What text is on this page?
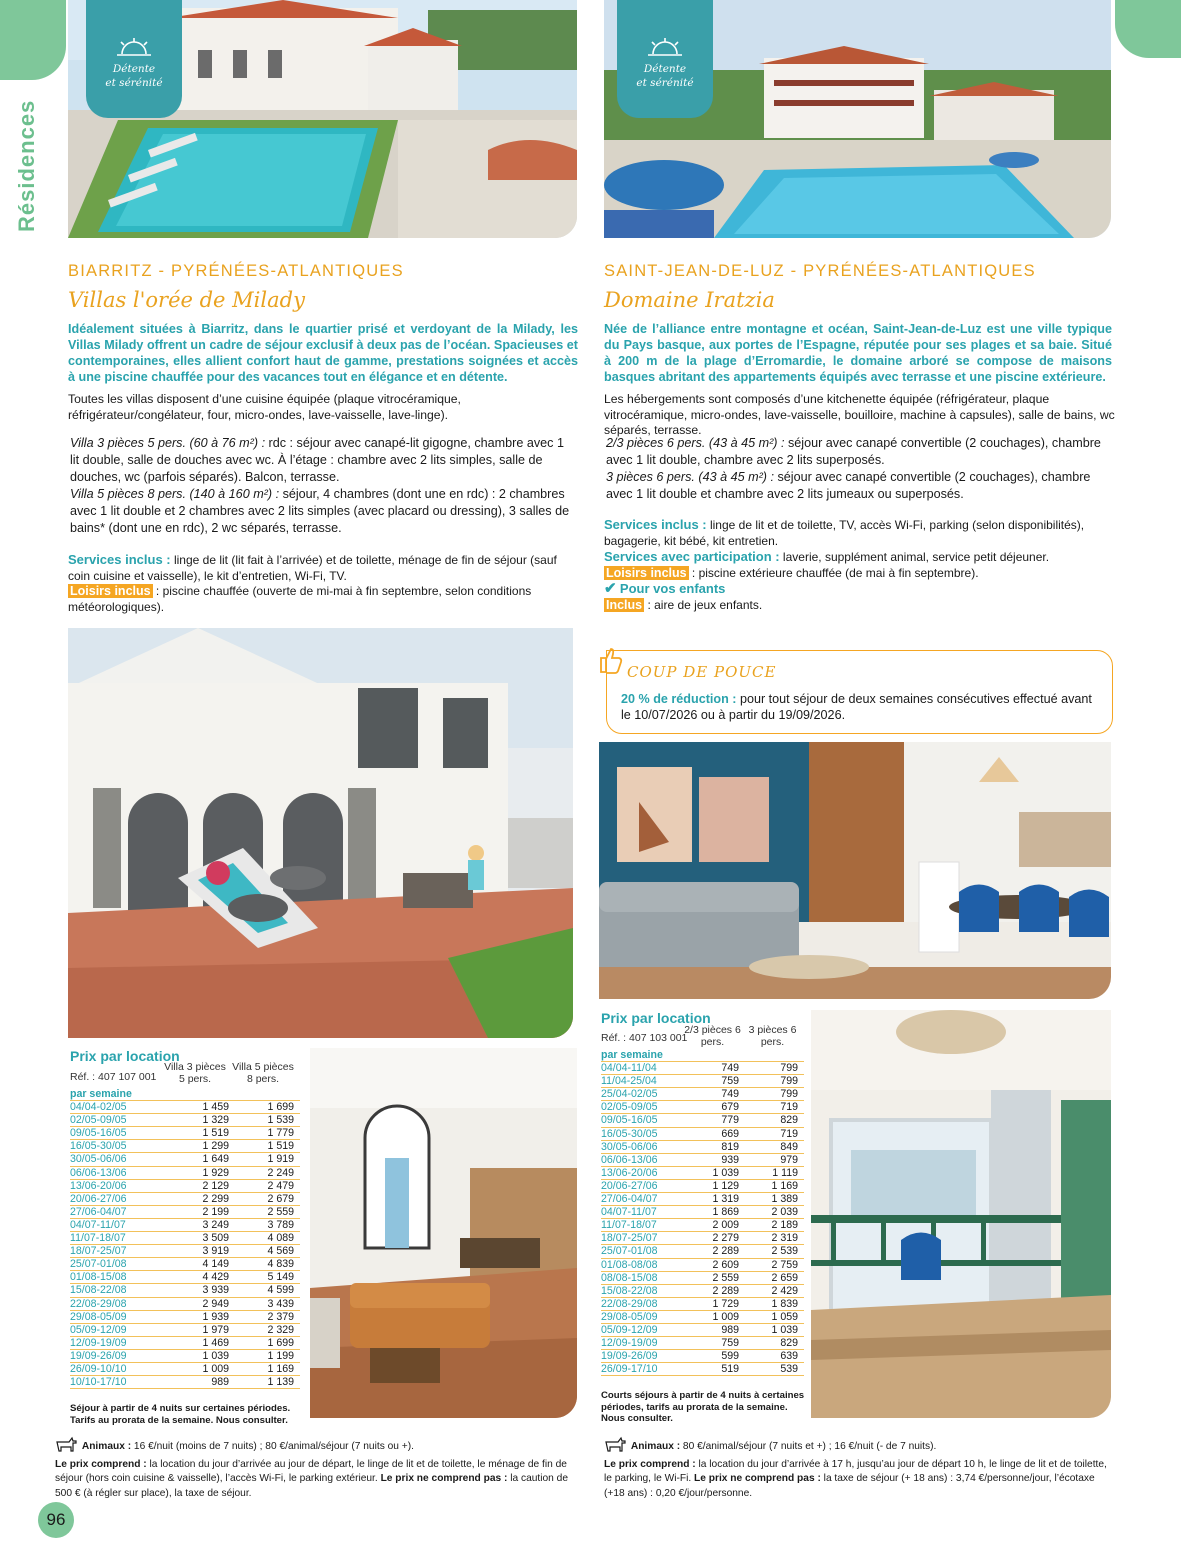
Résidences
Détente
et sérénité
BIARRITZ - PYRÉNÉES-ATLANTIQUES
Villas l'orée de Milady
Idéalement situées à Biarritz, dans le quartier prisé et verdoyant de la Milady, les Villas Milady offrent un cadre de séjour exclusif à deux pas de l’océan. Spacieuses et contemporaines, elles allient confort haut de gamme, prestations soignées et accès à une piscine chauffée pour des vacances tout en élégance et en détente.
Toutes les villas disposent d’une cuisine équipée (plaque vitrocéramique, réfrigérateur/congélateur, four, micro-ondes, lave-vaisselle, lave-linge).
Villa 3 pièces 5 pers. (60 à 76 m²) : rdc : séjour avec canapé-lit gigogne, chambre avec 1 lit double, salle de douches avec wc. À l’étage : chambre avec 2 lits simples, salle de douches, wc (parfois séparés). Balcon, terrasse.
Villa 5 pièces 8 pers. (140 à 160 m²) : séjour, 4 chambres (dont une en rdc) : 2 chambres avec 1 lit double et 2 chambres avec 2 lits simples (avec placard ou dressing), 3 salles de bains* (dont une en rdc), 2 wc séparés, terrasse.
Services inclus : linge de lit (lit fait à l’arrivée) et de toilette, ménage de fin de séjour (sauf coin cuisine et vaisselle), le kit d’entretien, Wi-Fi, TV.
Loisirs inclus : piscine chauffée (ouverte de mi-mai à fin septembre, selon conditions météorologiques).
Prix par location
Réf. : 407 107 001
Villa 3 pièces 5 pers.
Villa 5 pièces 8 pers.
par semaine		
04/04-02/05	1 459	1 699
02/05-09/05	1 329	1 539
09/05-16/05	1 519	1 779
16/05-30/05	1 299	1 519
30/05-06/06	1 649	1 919
06/06-13/06	1 929	2 249
13/06-20/06	2 129	2 479
20/06-27/06	2 299	2 679
27/06-04/07	2 199	2 559
04/07-11/07	3 249	3 789
11/07-18/07	3 509	4 089
18/07-25/07	3 919	4 569
25/07-01/08	4 149	4 839
01/08-15/08	4 429	5 149
15/08-22/08	3 939	4 599
22/08-29/08	2 949	3 439
29/08-05/09	1 939	2 379
05/09-12/09	1 979	2 329
12/09-19/09	1 469	1 699
19/09-26/09	1 039	1 199
26/09-10/10	1 009	1 169
10/10-17/10	989	1 139
Séjour à partir de 4 nuits sur certaines périodes. Tarifs au prorata de la semaine. Nous consulter.
Animaux : 16 €/nuit (moins de 7 nuits) ; 80 €/animal/séjour (7 nuits ou +).
Le prix comprend : la location du jour d’arrivée au jour de départ, le linge de lit et de toilette, le ménage de fin de séjour (hors coin cuisine & vaisselle), l’accès Wi-Fi, le parking extérieur. Le prix ne comprend pas : la caution de 500 € (à régler sur place), la taxe de séjour.
96
Détente
et sérénité
SAINT-JEAN-DE-LUZ - PYRÉNÉES-ATLANTIQUES
Domaine Iratzia
Née de l’alliance entre montagne et océan, Saint-Jean-de-Luz est une ville typique du Pays basque, aux portes de l’Espagne, réputée pour ses plages et sa baie. Situé à 200 m de la plage d’Erromardie, le domaine arboré se compose de maisons basques abritant des appartements équipés avec terrasse et une piscine extérieure.
Les hébergements sont composés d’une kitchenette équipée (réfrigérateur, plaque vitrocéramique, micro-ondes, lave-vaisselle, bouilloire, machine à capsules), salle de bains, wc séparés, terrasse.
2/3 pièces 6 pers. (43 à 45 m²) : séjour avec canapé convertible (2 couchages), chambre avec 1 lit double, chambre avec 2 lits superposés.
3 pièces 6 pers. (43 à 45 m²) : séjour avec canapé convertible (2 couchages), chambre avec 1 lit double et chambre avec 2 lits jumeaux ou superposés.
Services inclus : linge de lit et de toilette, TV, accès Wi-Fi, parking (selon disponibilités), bagagerie, kit bébé, kit entretien.
Services avec participation : laverie, supplément animal, service petit déjeuner.
Loisirs inclus : piscine extérieure chauffée (de mai à fin septembre).
✔ Pour vos enfants
Inclus : aire de jeux enfants.
COUP DE POUCE
20 % de réduction : pour tout séjour de deux semaines consécutives effectué avant le 10/07/2026 ou à partir du 19/09/2026.
Prix par location
Réf. : 407 103 001
2/3 pièces 6 pers.
3 pièces 6 pers.
par semaine		
04/04-11/04	749	799
11/04-25/04	759	799
25/04-02/05	749	799
02/05-09/05	679	719
09/05-16/05	779	829
16/05-30/05	669	719
30/05-06/06	819	849
06/06-13/06	939	979
13/06-20/06	1 039	1 119
20/06-27/06	1 129	1 169
27/06-04/07	1 319	1 389
04/07-11/07	1 869	2 039
11/07-18/07	2 009	2 189
18/07-25/07	2 279	2 319
25/07-01/08	2 289	2 539
01/08-08/08	2 609	2 759
08/08-15/08	2 559	2 659
15/08-22/08	2 289	2 429
22/08-29/08	1 729	1 839
29/08-05/09	1 009	1 059
05/09-12/09	989	1 039
12/09-19/09	759	829
19/09-26/09	599	639
26/09-17/10	519	539
Courts séjours à partir de 4 nuits à certaines périodes, tarifs au prorata de la semaine. Nous consulter.
Animaux : 80 €/animal/séjour (7 nuits et +) ; 16 €/nuit (- de 7 nuits).
Le prix comprend : la location du jour d’arrivée à 17 h, jusqu’au jour de départ 10 h, le linge de lit et de toilette, le parking, le Wi-Fi. Le prix ne comprend pas : la taxe de séjour (+ 18 ans) : 3,74 €/personne/jour, l’écotaxe (+18 ans) : 0,20 €/jour/personne.
